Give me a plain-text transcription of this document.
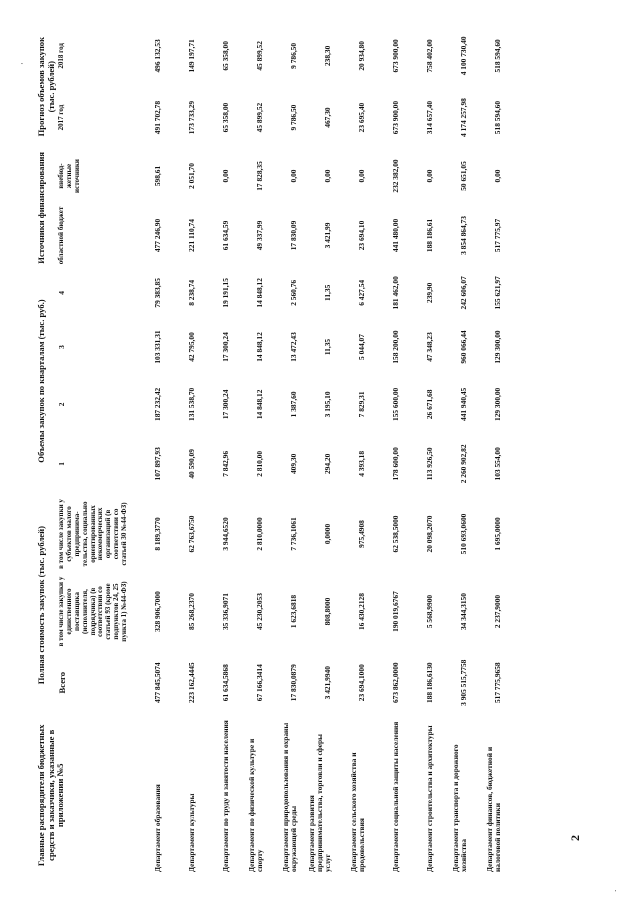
Главные распорядители бюджетных средств и заказчики, указанные в приложении №5	Полная стоимость закупок (тыс. рублей)			Объемы закупок по кварталам (тыс. руб.)				Источники финансирования		Прогноз объемов закупок (тыс. рублей)	
	Всего	в том числе закупки у единственного поставщика (исполнителя, подрядчика) (в соответствии со статьей 93 (кроме подпунктов 24, 25 пункта 1) №44-ФЗ)	в том числе закупки у субъектов малого предпринима-тельства, социально ориентированных некоммерческих организаций (в соответствии со статьей 30 №44-ФЗ)	1	2	3	4	областной бюджет	внебюд-жетные источники	2017 год	2018 год
Департамент образования	477 845,5074	328 906,7000	8 189,3770	107 897,93	187 232,42	103 331,31	79 383,85	477 246,90	598,61	491 702,78	496 132,53
Департамент культуры	223 162,4445	85 268,2370	62 763,6750	40 590,09	131 538,70	42 795,00	8 238,74	221 110,74	2 051,70	173 733,29	149 197,71
Департамент по труду и занятости населения	61 634,5868	35 336,9071	3 944,6520	7 842,96	17 300,24	17 300,24	19 191,15	61 634,59	0,00	65 358,00	65 358,00
Департамент по физической культуре и спорту	67 166,3414	45 230,2053	2 810,0000	2 810,00	14 848,12	14 848,12	14 848,12	49 337,99	17 828,35	45 899,52	45 899,52
Департамент природопользования и охраны окружающей среды	17 830,0879	1 623,6818	7 736,1061	409,30	1 387,60	13 472,43	2 560,76	17 830,09	0,00	9 786,50	9 786,50
Департамент развития предпринимательства, торговли и сферы услуг	3 421,9940	808,8000	0,0000	294,20	3 195,10	11,35	11,35	3 421,99	0,00	467,30	238,30
Департамент сельского хозяйства и продовольствия	23 694,1000	16 430,2128	975,4908	4 393,18	7 829,31	5 044,07	6 427,54	23 694,10	0,00	23 695,40	20 934,80
Департамент социальной защиты населения	673 862,0000	190 019,6767	62 538,5000	178 600,00	155 600,00	158 200,00	181 462,00	441 480,00	232 382,00	673 900,00	673 900,00
Департамент строительства и архитектуры	188 186,6130	5 568,9900	20 098,2070	113 926,50	26 671,68	47 348,23	239,90	188 186,61	0,00	314 657,40	758 402,00
Департамент транспорта и дорожного хозяйства	3 905 515,7758	34 344,3150	510 693,0600	2 260 902,82	441 940,45	960 066,44	242 606,07	3 854 864,73	50 651,05	4 174 257,98	4 100 730,40
Департамент финансов, бюджетной и налоговой политики	517 775,9658	2 237,9000	1 695,0000	103 554,00	129 300,00	129 300,00	155 621,97	517 775,97	0,00	518 594,60	518 594,60
2
˙
·
